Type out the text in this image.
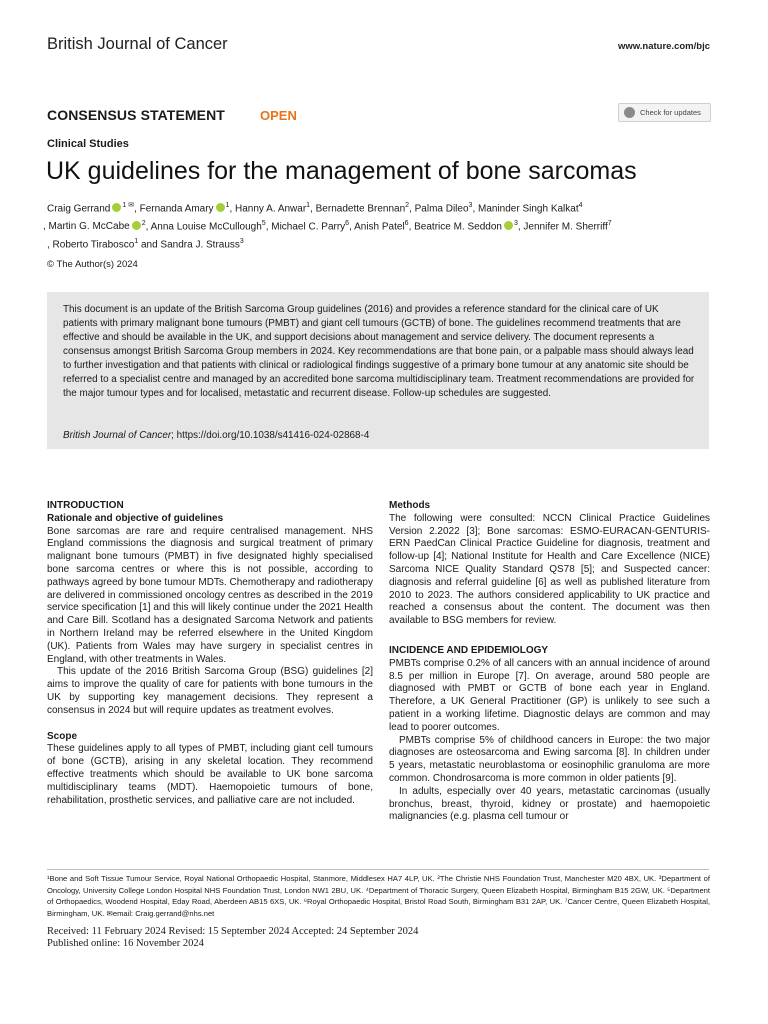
British Journal of Cancer	www.nature.com/bjc
CONSENSUS STATEMENT	OPEN	Check for updates
Clinical Studies
UK guidelines for the management of bone sarcomas
Craig Gerrand $^{1 ✉}$, Fernanda Amary $^1$, Hanny A. Anwar$^1$, Bernadette Brennan$^2$, Palma Dileo$^3$, Maninder Singh Kalkat$^4$
, Martin G. McCabe $^2$, Anna Louise McCullough$^5$, Michael C. Parry$^6$, Anish Patel$^6$, Beatrice M. Seddon $^3$, Jennifer M. Sherriff$^7$
, Roberto Tirabosco$^1$ and Sandra J. Strauss$^3$
© The Author(s) 2024
This document is an update of the British Sarcoma Group guidelines (2016) and provides a reference standard for the clinical care of UK patients with primary malignant bone tumours (PMBT) and giant cell tumours (GCTB) of bone. The guidelines recommend treatments that are effective and should be available in the UK, and support decisions about management and service delivery. The document represents a consensus amongst British Sarcoma Group members in 2024. Key recommendations are that bone pain, or a palpable mass should always lead to further investigation and that patients with clinical or radiological findings suggestive of a primary bone tumour at any anatomic site should be referred to a specialist centre and managed by an accredited bone sarcoma multidisciplinary team. Treatment recommendations are provided for the major tumour types and for localised, metastatic and recurrent disease. Follow-up schedules are suggested.
British Journal of Cancer; https://doi.org/10.1038/s41416-024-02868-4
INTRODUCTION
Rationale and objective of guidelines

Bone sarcomas are rare and require centralised management. NHS England commissions the diagnosis and surgical treatment of primary malignant bone tumours (PMBT) in five designated highly specialised bone sarcoma centres or where this is not possible, according to pathways agreed by bone tumour MDTs. Chemotherapy and radiotherapy are delivered in commissioned oncology centres as described in the 2019 service specification [1] and this will likely continue under the 2021 Health and Care Bill. Scotland has a designated Sarcoma Network and patients in Northern Ireland may be referred elsewhere in the United Kingdom (UK). Patients from Wales may have surgery in specialist centres in England, with other treatments in Wales.

This update of the 2016 British Sarcoma Group (BSG) guidelines [2] aims to improve the quality of care for patients with bone tumours in the UK by supporting key management decisions. They represent a consensus in 2024 but will require updates as treatment evolves.

Scope

These guidelines apply to all types of PMBT, including giant cell tumours of bone (GCTB), arising in any skeletal location. They recommend effective treatments which should be available to UK bone sarcoma multidisciplinary teams (MDT). Haemopoietic tumours of bone, rehabilitation, prosthetic services, and palliative care are not included.

Methods

The following were consulted: NCCN Clinical Practice Guidelines Version 2.2022 [3]; Bone sarcomas: ESMO-EURACAN-GENTURIS-ERN PaedCan Clinical Practice Guideline for diagnosis, treatment and follow-up [4]; National Institute for Health and Care Excellence (NICE) Sarcoma NICE Quality Standard QS78 [5]; and Suspected cancer: diagnosis and referral guideline [6] as well as published literature from 2010 to 2023. The authors considered applicability to UK practice and reached a consensus about the content. The document was then available to BSG members for review.

INCIDENCE AND EPIDEMIOLOGY

PMBTs comprise 0.2% of all cancers with an annual incidence of around 8.5 per million in Europe [7]. On average, around 580 people are diagnosed with PMBT or GCTB of bone each year in England. Therefore, a UK General Practitioner (GP) is unlikely to see such a patient in a working lifetime. Diagnostic delays are common and may lead to poorer outcomes.

PMBTs comprise 5% of childhood cancers in Europe: the two major diagnoses are osteosarcoma and Ewing sarcoma [8]. In children under 5 years, metastatic neuroblastoma or eosinophilic granuloma are more common. Chondrosarcoma is more common in older patients [9].

In adults, especially over 40 years, metastatic carcinomas (usually bronchus, breast, thyroid, kidney or prostate) and haemopoietic malignancies (e.g. plasma cell tumour or

¹Bone and Soft Tissue Tumour Service, Royal National Orthopaedic Hospital, Stanmore, Middlesex HA7 4LP, UK. ²The Christie NHS Foundation Trust, Manchester M20 4BX, UK. ³Department of Oncology, University College London Hospital NHS Foundation Trust, London NW1 2BU, UK. ⁴Department of Thoracic Surgery, Queen Elizabeth Hospital, Birmingham B15 2GW, UK. ⁵Department of Orthopaedics, Woodend Hospital, Eday Road, Aberdeen AB15 6XS, UK. ⁶Royal Orthopaedic Hospital, Bristol Road South, Birmingham B31 2AP, UK. ⁷Cancer Centre, Queen Elizabeth Hospital, Birmingham, UK. ✉email: Craig.gerrand@nhs.net
Received: 11 February 2024 Revised: 15 September 2024 Accepted: 24 September 2024
Published online: 16 November 2024
